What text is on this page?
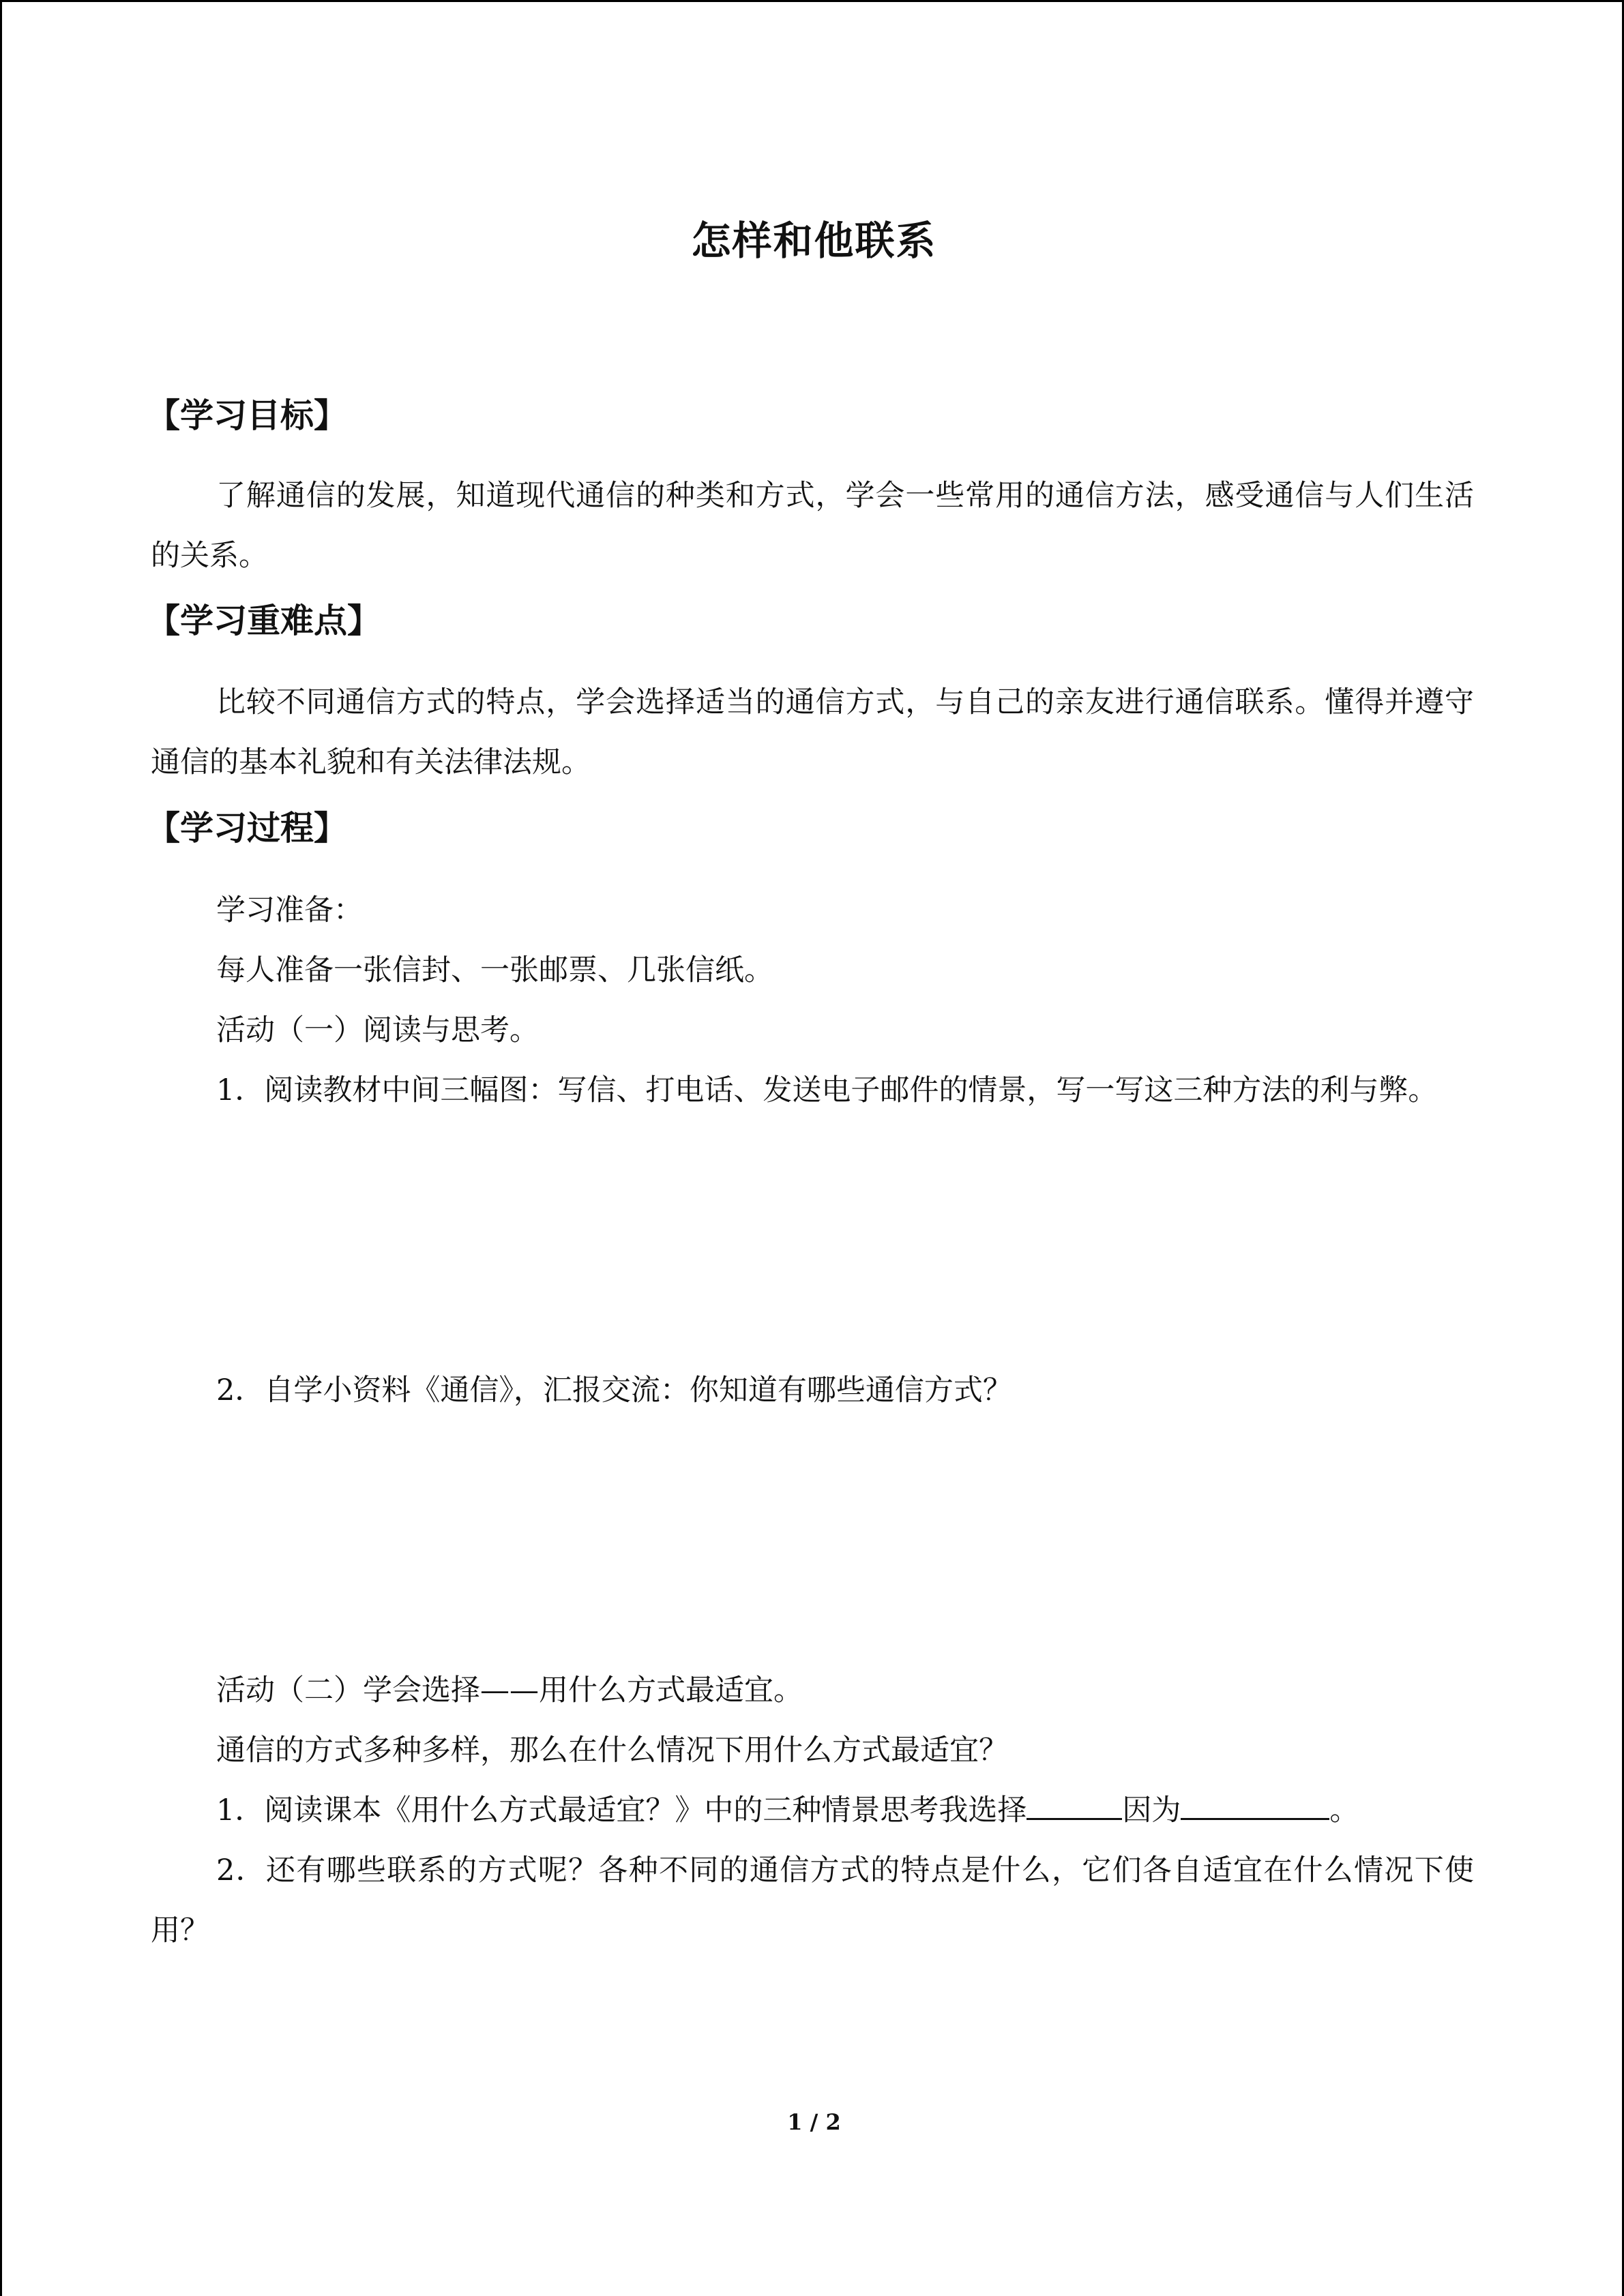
怎样和他联系
【学习目标】
了解通信的发展，知道现代通信的种类和方式，学会一些常用的通信方法，感受通信与人们生活的关系。
【学习重难点】
比较不同通信方式的特点，学会选择适当的通信方式，与自己的亲友进行通信联系。懂得并遵守通信的基本礼貌和有关法律法规。
【学习过程】
学习准备：
每人准备一张信封、一张邮票、几张信纸。
活动（一）阅读与思考。
1．阅读教材中间三幅图：写信、打电话、发送电子邮件的情景，写一写这三种方法的利与弊。
2．自学小资料《通信》，汇报交流：你知道有哪些通信方式？
活动（二）学会选择——用什么方式最适宜。
通信的方式多种多样，那么在什么情况下用什么方式最适宜？
1．阅读课本《用什么方式最适宜？》中的三种情景思考我选择	因为	。
2．还有哪些联系的方式呢？各种不同的通信方式的特点是什么，它们各自适宜在什么情况下使用？
1 / 2
